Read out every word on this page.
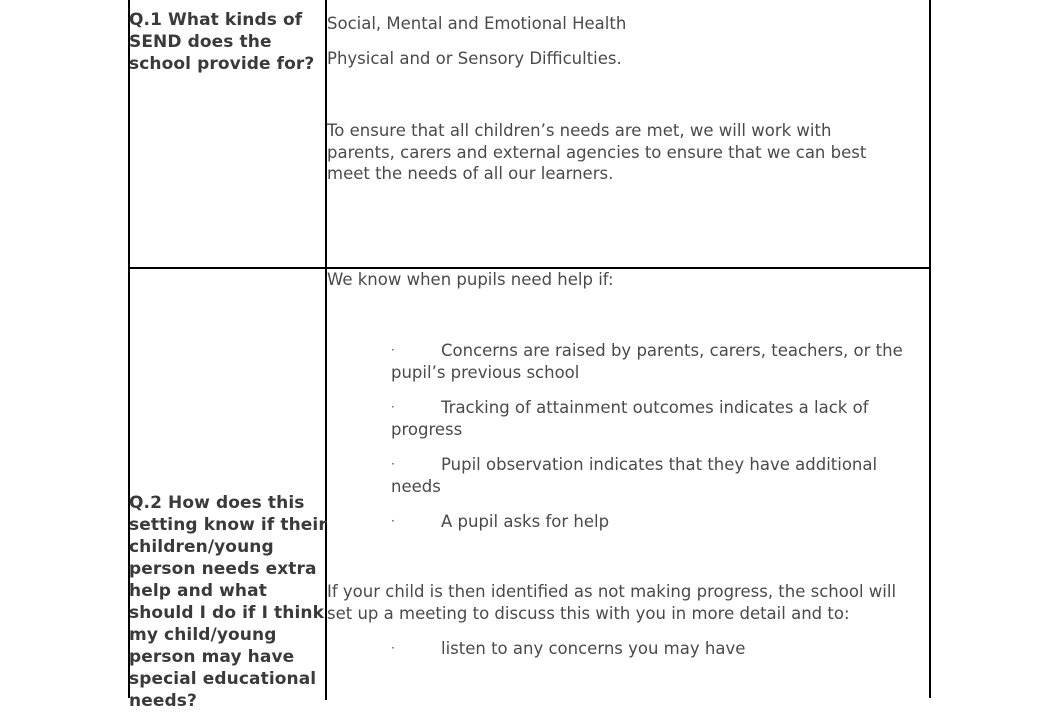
Q.1 What kinds of SEND does the school provide for?
Social, Mental and Emotional Health
Physical and or Sensory Difficulties.
To ensure that all children’s needs are met, we will work with parents, carers and external agencies to ensure that we can best meet the needs of all our learners.
Q.2 How does this setting know if their children/young person needs extra help and what should I do if I think my child/young person may have special educational needs?
We know when pupils need help if:
·	Concerns are raised by parents, carers, teachers, or the pupil’s previous school
·	Tracking of attainment outcomes indicates a lack of progress
·	Pupil observation indicates that they have additional needs
·	A pupil asks for help
If your child is then identified as not making progress, the school will set up a meeting to discuss this with you in more detail and to:
·	listen to any concerns you may have
